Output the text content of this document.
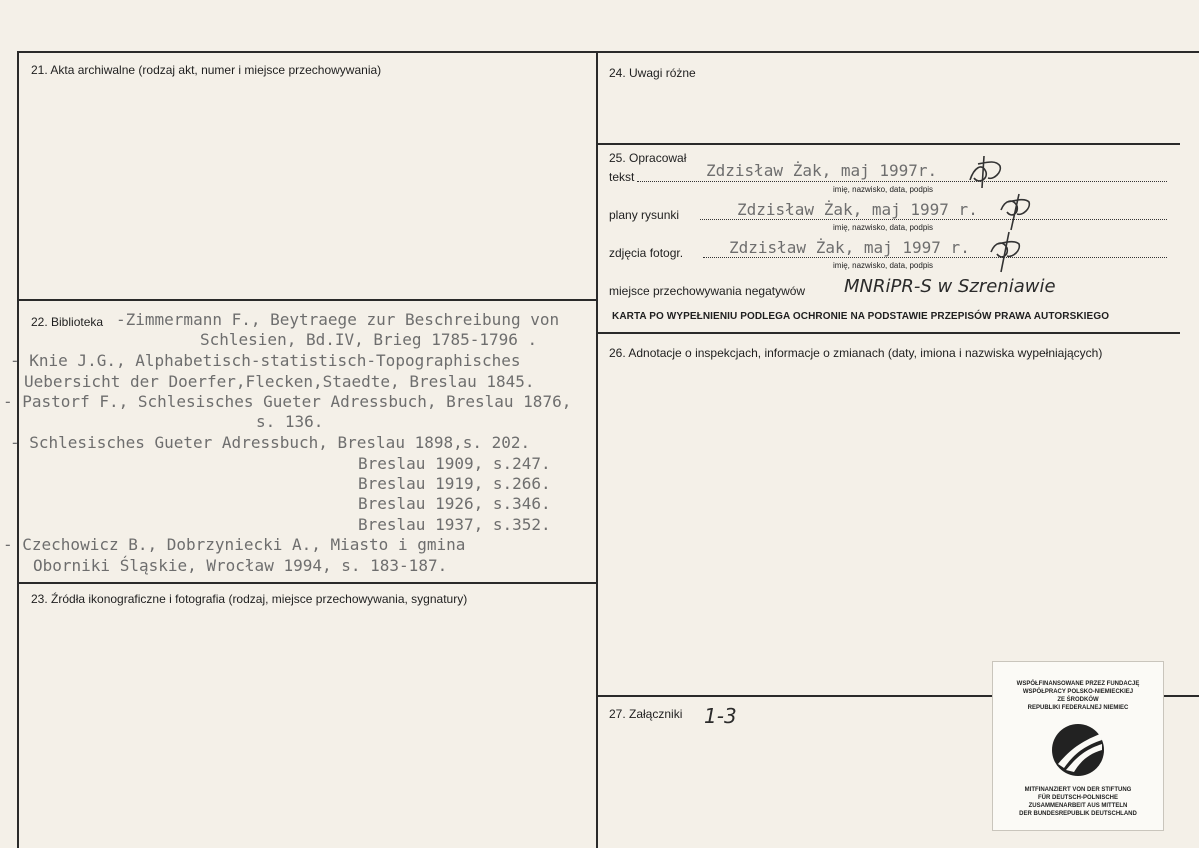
21. Akta archiwalne (rodzaj akt, numer i miejsce przechowywania)	24. Uwagi różne
25. Opracował
tekst	Zdzisław Żak, maj 1997r.
imię, nazwisko, data, podpis
plany rysunki	Zdzisław Żak, maj 1997 r.
imię, nazwisko, data, podpis
zdjęcia fotogr.	Zdzisław Żak, maj 1997 r.
imię, nazwisko, data, podpis
miejsce przechowywania negatywów MNRiPR-S w Szreniawie
KARTA PO WYPEŁNIENIU PODLEGA OCHRONIE NA PODSTAWIE PRZEPISÓW PRAWA AUTORSKIEGO
22. Biblioteka -Zimmermann F., Beytraege zur Beschreibung von
Schlesien, Bd.IV, Brieg 1785-1796 .
- Knie J.G., Alphabetisch-statistisch-Topographisches
Uebersicht der Doerfer,Flecken,Staedte, Breslau 1845.
- Pastorf F., Schlesisches Gueter Adressbuch, Breslau 1876,
s. 136.
- Schlesisches Gueter Adressbuch, Breslau 1898,s. 202.
Breslau 1909, s.247.
Breslau 1919, s.266.
Breslau 1926, s.346.
Breslau 1937, s.352.
- Czechowicz B., Dobrzyniecki A., Miasto i gmina
Oborniki Śląskie, Wrocław 1994, s. 183-187.
26. Adnotacje o inspekcjach, informacje o zmianach (daty, imiona i nazwiska wypełniających)
23. Źródła ikonograficzne i fotografia (rodzaj, miejsce przechowywania, sygnatury)
27. Załączniki 1-3
WSPÓŁFINANSOWANE PRZEZ FUNDACJĘ
WSPÓŁPRACY POLSKO-NIEMIECKIEJ
ZE ŚRODKÓW
REPUBLIKI FEDERALNEJ NIEMIEC
MITFINANZIERT VON DER STIFTUNG
FÜR DEUTSCH-POLNISCHE
ZUSAMMENARBEIT AUS MITTELN
DER BUNDESREPUBLIK DEUTSCHLAND
